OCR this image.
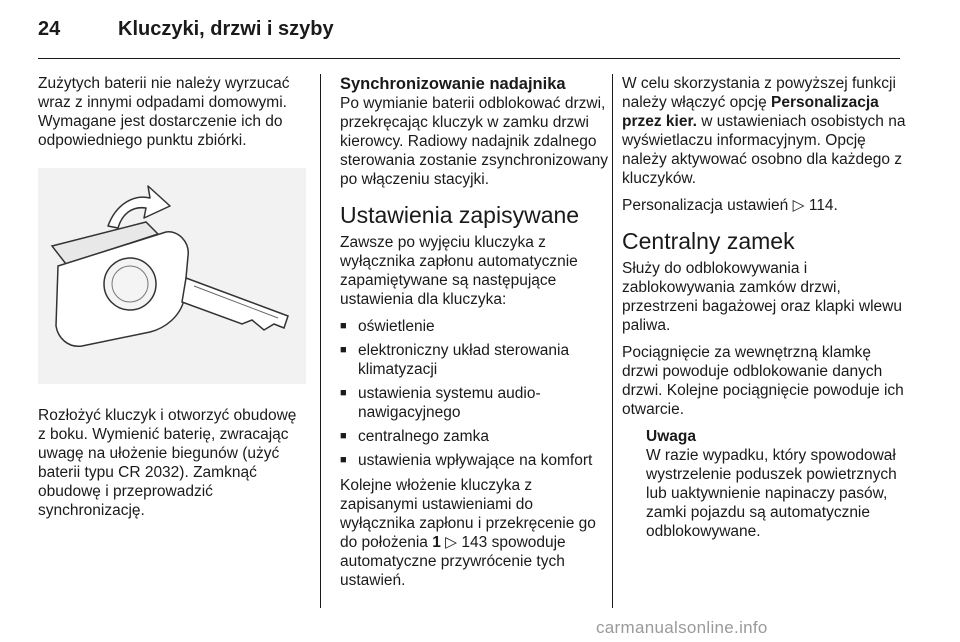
24	Kluczyki, drzwi i szyby

Zużytych baterii nie należy wyrzucać wraz z innymi odpadami domowymi. Wymagane jest dostarczenie ich do odpowiedniego punktu zbiórki.

Rozłożyć kluczyk i otworzyć obudowę z boku. Wymienić baterię, zwracając uwagę na ułożenie biegunów (użyć baterii typu CR 2032). Zamknąć obudowę i przeprowadzić synchronizację.

Synchronizowanie nadajnika

Po wymianie baterii odblokować drzwi, przekręcając kluczyk w zamku drzwi kierowcy. Radiowy nadajnik zdalnego sterowania zostanie zsynchronizowany po włączeniu stacyjki.

Ustawienia zapisywane

Zawsze po wyjęciu kluczyka z wyłącznika zapłonu automatycznie zapamiętywane są następujące ustawienia dla kluczyka:

■ oświetlenie
■ elektroniczny układ sterowania klimatyzacji
■ ustawienia systemu audio-nawigacyjnego
■ centralnego zamka
■ ustawienia wpływające na komfort

Kolejne włożenie kluczyka z zapisanymi ustawieniami do wyłącznika zapłonu i przekręcenie go do położenia 1 ▷ 143 spowoduje automatyczne przywrócenie tych ustawień.

W celu skorzystania z powyższej funkcji należy włączyć opcję Personalizacja przez kier. w ustawieniach osobistych na wyświetlaczu informacyjnym. Opcję należy aktywować osobno dla każdego z kluczyków.

Personalizacja ustawień ▷ 114.

Centralny zamek

Służy do odblokowywania i zablokowywania zamków drzwi, przestrzeni bagażowej oraz klapki wlewu paliwa.

Pociągnięcie za wewnętrzną klamkę drzwi powoduje odblokowanie danych drzwi. Kolejne pociągnięcie powoduje ich otwarcie.

Uwaga
W razie wypadku, który spowodował wystrzelenie poduszek powietrznych lub uaktywnienie napinaczy pasów, zamki pojazdu są automatycznie odblokowywane.
carmanualsonline.info
